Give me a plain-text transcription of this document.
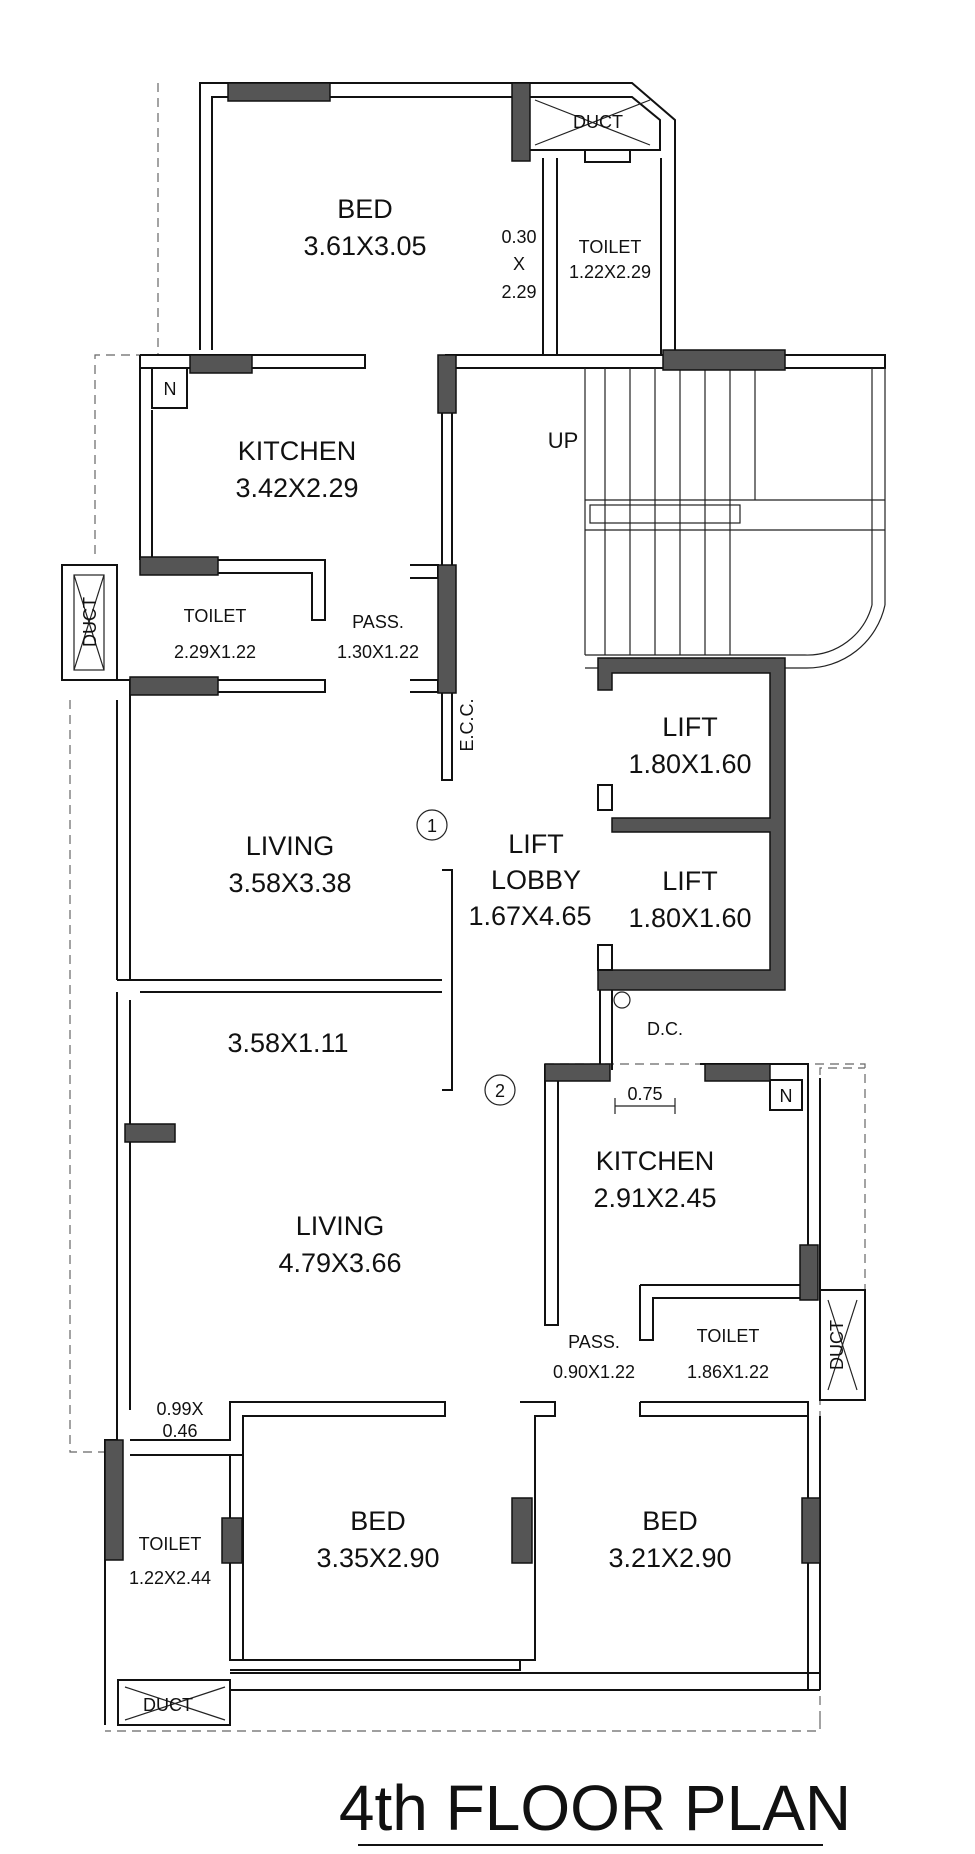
BED
3.61X3.05	TOILET
1.22X2.29
KITCHEN
3.42X2.29
TOILET
2.29X1.22
PASS.
1.30X1.22
LIVING
3.58X3.38
LIFT
1.80X1.60
LIFT
1.80X1.60
LIFT
LOBBY
1.67X4.65
KITCHEN
2.91X2.45
LIVING
4.79X3.66
PASS.
0.90X1.22
TOILET
1.86X1.22
TOILET
1.22X2.44
BED
3.35X2.90
BED
3.21X2.90
DUCT
DUCT
DUCT
DUCT
UP
E.C.C.
D.C.
N
N
1
2
3.58X1.11
0.30
X
2.29
0.75
0.99X
0.46
4th FLOOR PLAN
